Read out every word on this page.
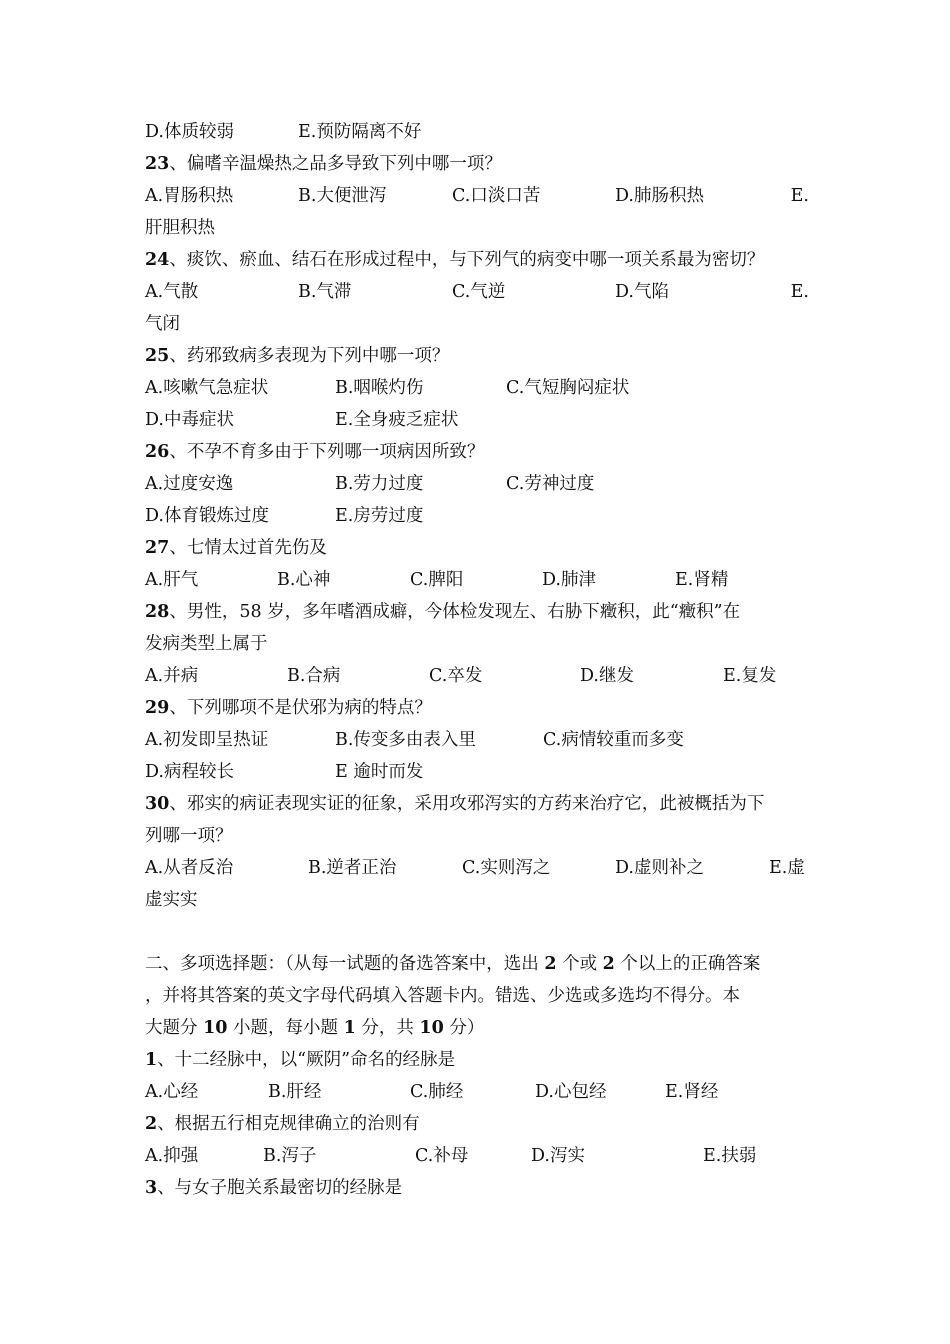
D.体质较弱	E.预防隔离不好
23、偏嗜辛温燥热之品多导致下列中哪一项？
A.胃肠积热	B.大便泄泻	C.口淡口苦	D.肺肠积热	E.
肝胆积热
24、痰饮、瘀血、结石在形成过程中，与下列气的病变中哪一项关系最为密切？
A.气散	B.气滞	C.气逆	D.气陷	E.
气闭
25、药邪致病多表现为下列中哪一项？
A.咳嗽气急症状	B.咽喉灼伤	C.气短胸闷症状
D.中毒症状	E.全身疲乏症状
26、不孕不育多由于下列哪一项病因所致？
A.过度安逸	B.劳力过度	C.劳神过度
D.体育锻炼过度	E.房劳过度
27、七情太过首先伤及
A.肝气	B.心神	C.脾阳	D.肺津	E.肾精
28、男性，58 岁，多年嗜酒成癖，今体检发现左、右胁下癥积，此“癥积”在
发病类型上属于
A.并病	B.合病	C.卒发	D.继发	E.复发
29、下列哪项不是伏邪为病的特点？
A.初发即呈热证	B.传变多由表入里	C.病情较重而多变
D.病程较长	E 逾时而发
30、邪实的病证表现实证的征象，采用攻邪泻实的方药来治疗它，此被概括为下
列哪一项？
A.从者反治	B.逆者正治	C.实则泻之	D.虚则补之	E.虚
虚实实
二、多项选择题：（从每一试题的备选答案中，选出 2 个或 2 个以上的正确答案
，并将其答案的英文字母代码填入答题卡内。错选、少选或多选均不得分。本
大题分 10 小题，每小题 1 分，共 10 分）
1、十二经脉中，以“厥阴”命名的经脉是
A.心经	B.肝经	C.肺经	D.心包经	E.肾经
2、根据五行相克规律确立的治则有
A.抑强	B.泻子	C.补母	D.泻实	E.扶弱
3、与女子胞关系最密切的经脉是
